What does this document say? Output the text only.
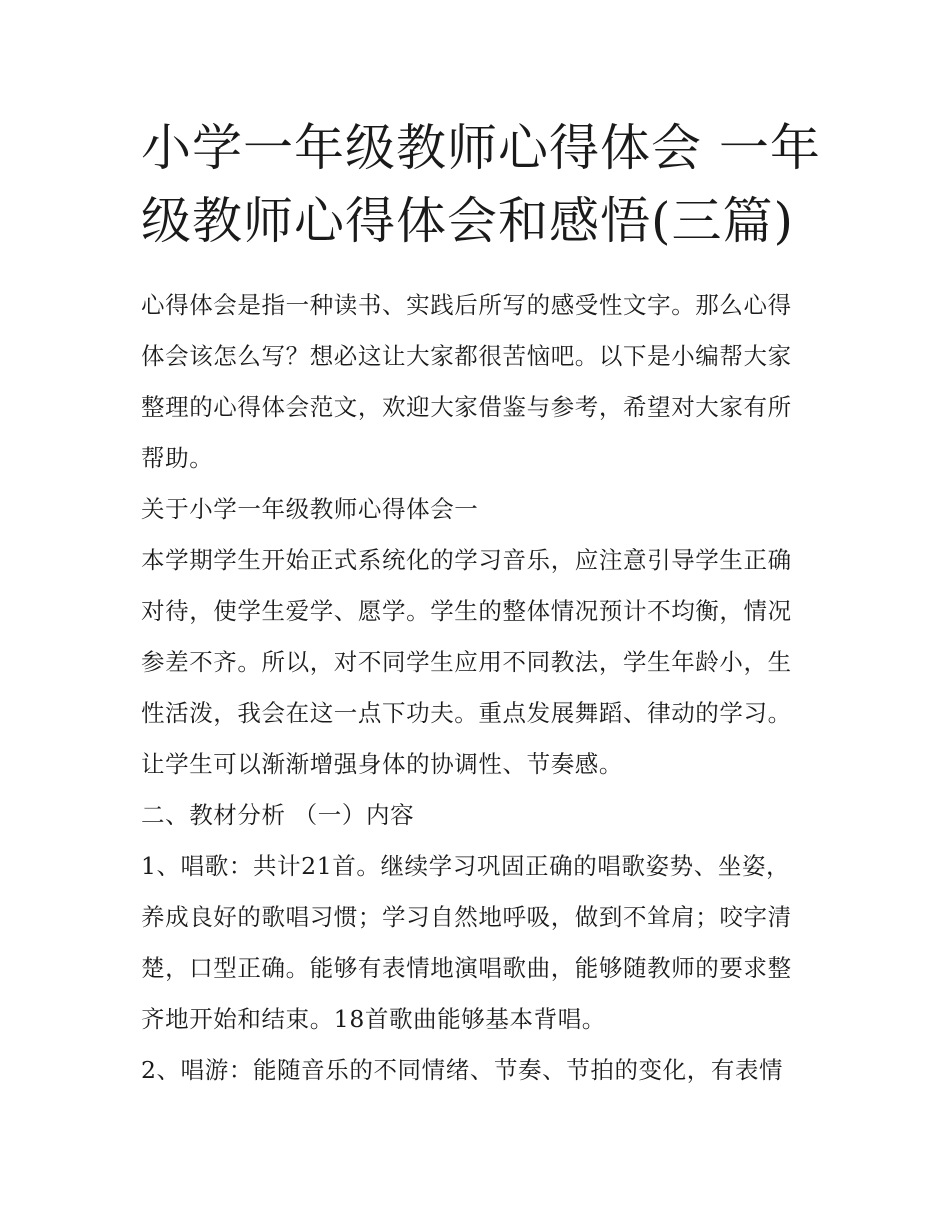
小学一年级教师心得体会 一年
级教师心得体会和感悟(三篇)
心得体会是指一种读书、实践后所写的感受性文字。那么心得
体会该怎么写？想必这让大家都很苦恼吧。以下是小编帮大家
整理的心得体会范文，欢迎大家借鉴与参考，希望对大家有所
帮助。
关于小学一年级教师心得体会一
本学期学生开始正式系统化的学习音乐，应注意引导学生正确
对待，使学生爱学、愿学。学生的整体情况预计不均衡，情况
参差不齐。所以，对不同学生应用不同教法，学生年龄小，生
性活泼，我会在这一点下功夫。重点发展舞蹈、律动的学习。
让学生可以渐渐增强身体的协调性、节奏感。
二、教材分析 （一）内容
1、唱歌：共计21首。继续学习巩固正确的唱歌姿势、坐姿，
养成良好的歌唱习惯；学习自然地呼吸，做到不耸肩；咬字清
楚，口型正确。能够有表情地演唱歌曲，能够随教师的要求整
齐地开始和结束。18首歌曲能够基本背唱。
2、唱游：能随音乐的不同情绪、节奏、节拍的变化，有表情
